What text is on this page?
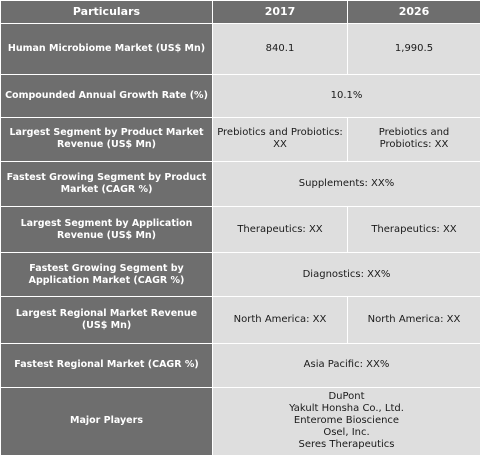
Particulars	2017	2026
Human Microbiome Market (US$ Mn)	840.1	1,990.5
Compounded Annual Growth Rate (%)	10.1%	
Largest Segment by Product Market Revenue (US$ Mn)	Prebiotics and Probiotics: XX	Prebiotics and Probiotics: XX
Fastest Growing Segment by Product Market (CAGR %)	Supplements: XX%	
Largest Segment by Application Revenue (US$ Mn)	Therapeutics: XX	Therapeutics: XX
Fastest Growing Segment by Application Market (CAGR %)	Diagnostics: XX%	
Largest Regional Market Revenue (US$ Mn)	North America: XX	North America: XX
Fastest Regional Market (CAGR %)	Asia Pacific: XX%	
Major Players	DuPont
Yakult Honsha Co., Ltd.
Enterome Bioscience
Osel, Inc.
Seres Therapeutics	
